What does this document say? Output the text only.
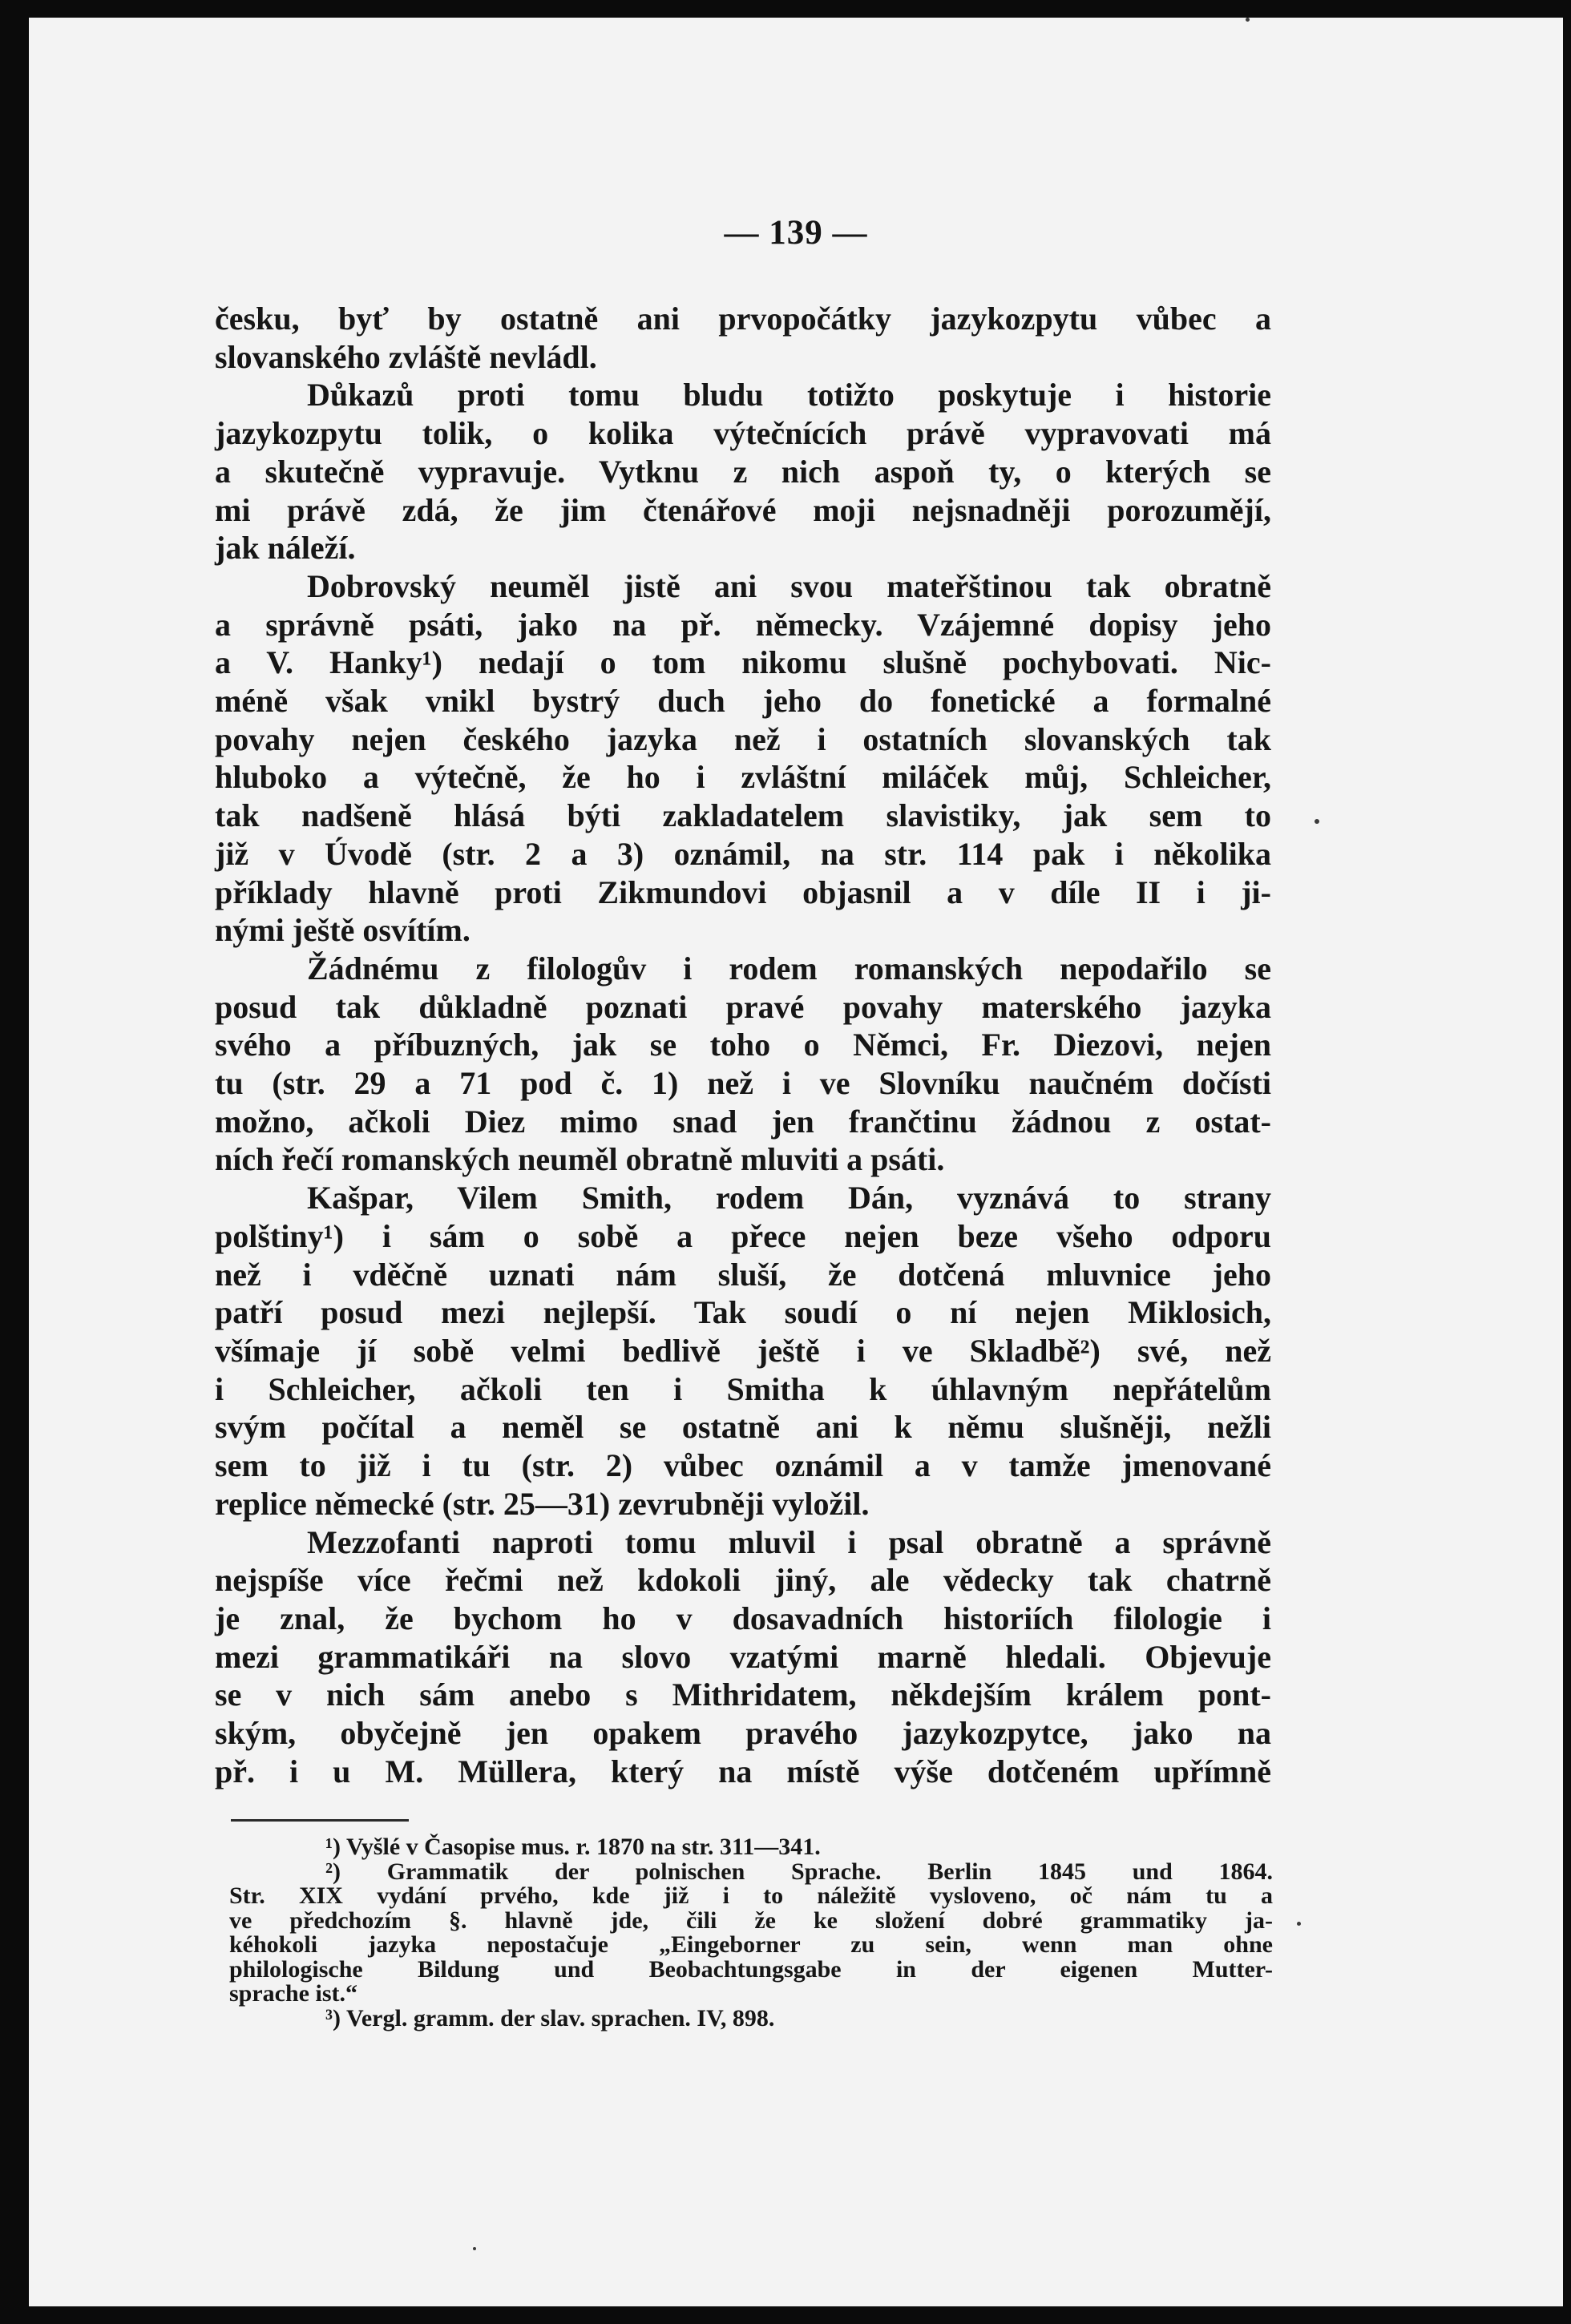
— 139 —
česku, byť by ostatně ani prvopočátky jazykozpytu vůbec a
slovanského zvláště nevládl.
Důkazů proti tomu bludu totižto poskytuje i historie
jazykozpytu tolik, o kolika výtečnících právě vypravovati má
a skutečně vypravuje. Vytknu z nich aspoň ty, o kterých se
mi právě zdá, že jim čtenářové moji nejsnadněji porozumějí,
jak náleží.
Dobrovský neuměl jistě ani svou mateřštinou tak obratně
a správně psáti, jako na př. německy. Vzájemné dopisy jeho
a V. Hanky¹) nedají o tom nikomu slušně pochybovati. Nic-
méně však vnikl bystrý duch jeho do fonetické a formalné
povahy nejen českého jazyka než i ostatních slovanských tak
hluboko a výtečně, že ho i zvláštní miláček můj, Schleicher,
tak nadšeně hlásá býti zakladatelem slavistiky, jak sem to
již v Úvodě (str. 2 a 3) oznámil, na str. 114 pak i několika
příklady hlavně proti Zikmundovi objasnil a v díle II i ji-
nými ještě osvítím.
Žádnému z filologův i rodem romanských nepodařilo se
posud tak důkladně poznati pravé povahy materského jazyka
svého a příbuzných, jak se toho o Němci, Fr. Diezovi, nejen
tu (str. 29 a 71 pod č. 1) než i ve Slovníku naučném dočísti
možno, ačkoli Diez mimo snad jen frančtinu žádnou z ostat-
ních řečí romanských neuměl obratně mluviti a psáti.
Kašpar, Vilem Smith, rodem Dán, vyznává to strany
polštiny¹) i sám o sobě a přece nejen beze všeho odporu
než i vděčně uznati nám sluší, že dotčená mluvnice jeho
patří posud mezi nejlepší. Tak soudí o ní nejen Miklosich,
všímaje jí sobě velmi bedlivě ještě i ve Skladbě²) své, než
i Schleicher, ačkoli ten i Smitha k úhlavným nepřátelům
svým počítal a neměl se ostatně ani k němu slušněji, nežli
sem to již i tu (str. 2) vůbec oznámil a v tamže jmenované
replice německé (str. 25—31) zevrubněji vyložil.
Mezzofanti naproti tomu mluvil i psal obratně a správně
nejspíše více řečmi než kdokoli jiný, ale vědecky tak chatrně
je znal, že bychom ho v dosavadních historiích filologie i
mezi grammatikáři na slovo vzatými marně hledali. Objevuje
se v nich sám anebo s Mithridatem, někdejším králem pont-
ským, obyčejně jen opakem pravého jazykozpytce, jako na
př. i u M. Müllera, který na místě výše dotčeném upřímně
¹) Vyšlé v Časopise mus. r. 1870 na str. 311—341.
²) Grammatik der polnischen Sprache. Berlin 1845 und 1864.
Str. XIX vydání prvého, kde již i to náležitě vysloveno, oč nám tu a
ve předchozím §. hlavně jde, čili že ke složení dobré grammatiky ja-
kéhokoli jazyka nepostačuje „Eingeborner zu sein, wenn man ohne
philologische Bildung und Beobachtungsgabe in der eigenen Mutter-
sprache ist.“
³) Vergl. gramm. der slav. sprachen. IV, 898.
